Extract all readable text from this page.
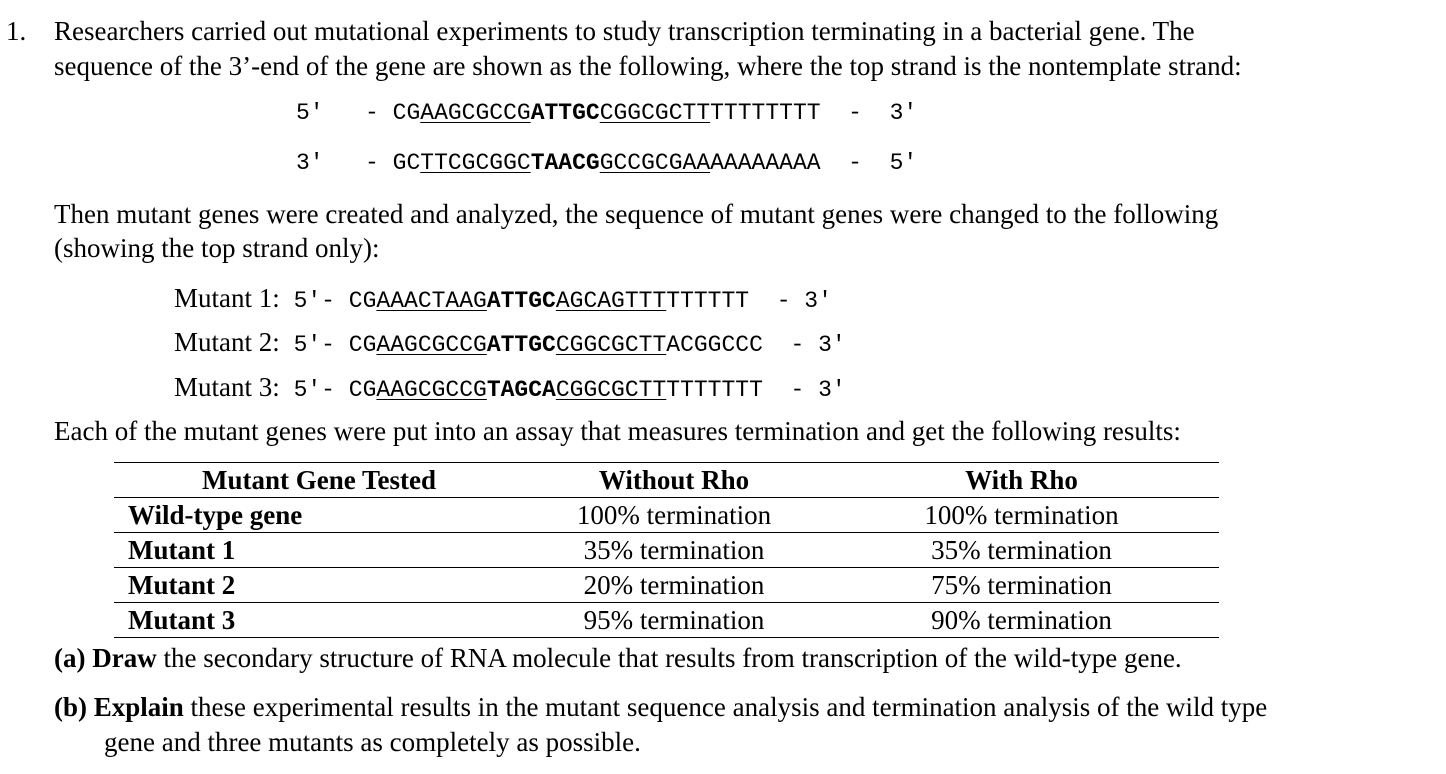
1. Researchers carried out mutational experiments to study transcription terminating in a bacterial gene. The
sequence of the 3’-end of the gene are shown as the following, where the top strand is the nontemplate strand:
5′ - CGAAGCGCCGATTGCCGGCGCTTTTTTTTTT - 3′
3′ - GCTTCGCGGCTAACGGCCGCGAAAAAAAAAA - 5′
Then mutant genes were created and analyzed, the sequence of mutant genes were changed to the following
(showing the top strand only):
Mutant 1: 5′- CGAAACTAAGATTGCAGCAGTTTTTTTTT - 3′
Mutant 2: 5′- CGAAGCGCCGATTGCCGGCGCTTACGGCCC - 3′
Mutant 3: 5′- CGAAGCGCCGTAGCACGGCGCTTTTTTTTT - 3′
Each of the mutant genes were put into an assay that measures termination and get the following results:
Mutant Gene Tested	Without Rho	With Rho
Wild-type gene	100% termination	100% termination
Mutant 1	35% termination	35% termination
Mutant 2	20% termination	75% termination
Mutant 3	95% termination	90% termination
(a) Draw the secondary structure of RNA molecule that results from transcription of the wild-type gene.
(b) Explain these experimental results in the mutant sequence analysis and termination analysis of the wild type
gene and three mutants as completely as possible.
